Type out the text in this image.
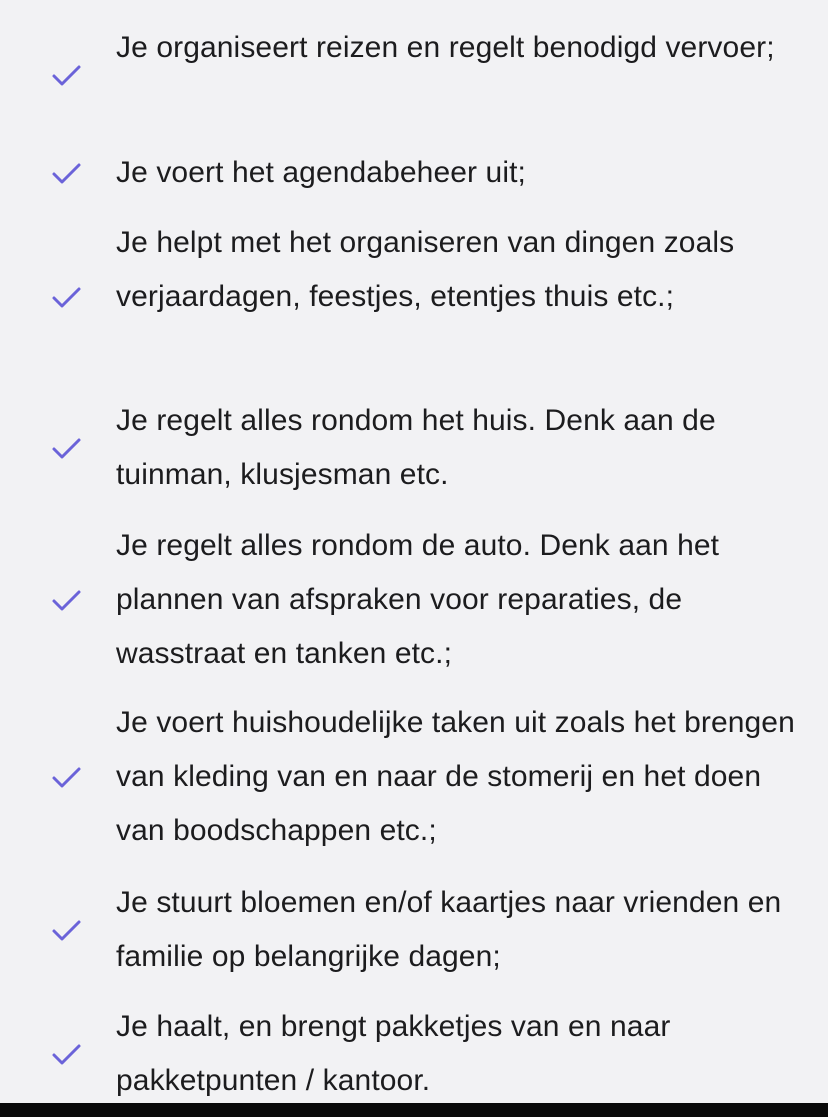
Je organiseert reizen en regelt benodigd vervoer;
Je voert het agendabeheer uit;
Je helpt met het organiseren van dingen zoals verjaardagen, feestjes, etentjes thuis etc.;
Je regelt alles rondom het huis. Denk aan de tuinman, klusjesman etc.
Je regelt alles rondom de auto. Denk aan het plannen van afspraken voor reparaties, de wasstraat en tanken etc.;
Je voert huishoudelijke taken uit zoals het brengen van kleding van en naar de stomerij en het doen van boodschappen etc.;
Je stuurt bloemen en/of kaartjes naar vrienden en familie op belangrijke dagen;
Je haalt, en brengt pakketjes van en naar pakketpunten / kantoor.
